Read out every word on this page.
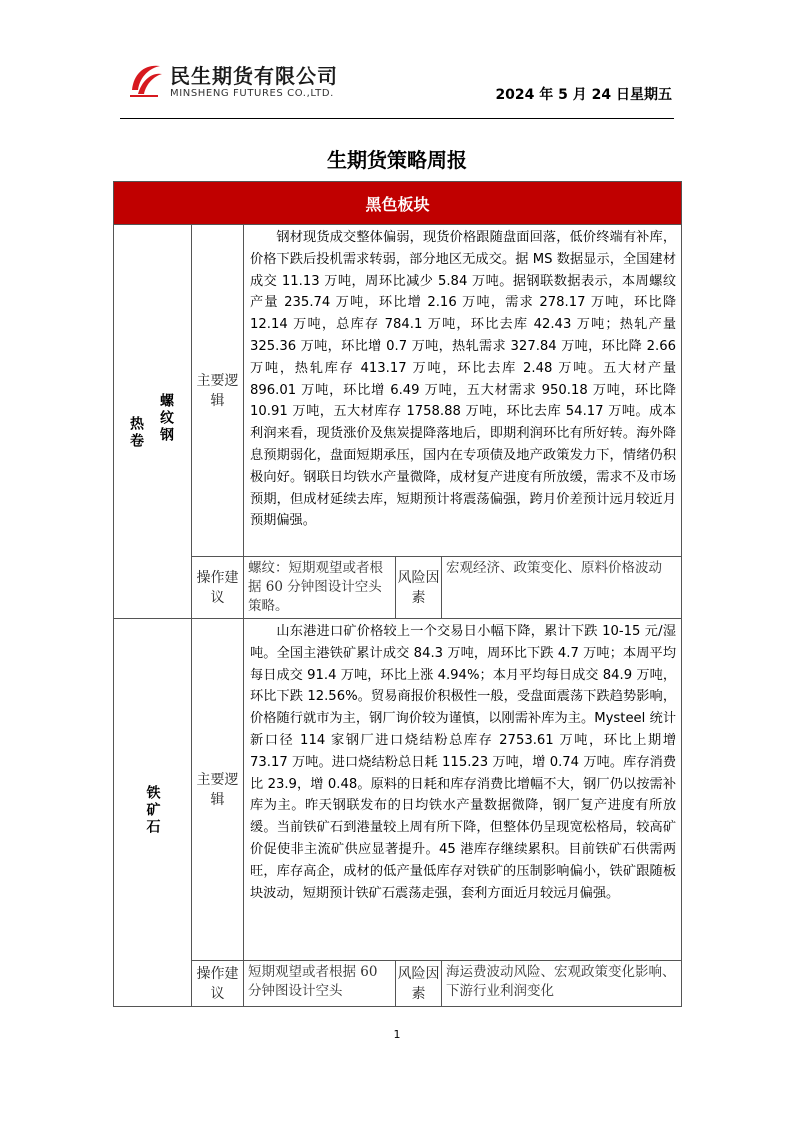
民生期货有限公司
MINSHENG FUTURES CO.,LTD.	2024 年 5 月 24 日星期五
生期货策略周报
黑色板块				

螺纹钢
热卷	主要逻辑	钢材现货成交整体偏弱，现货价格跟随盘面回落，低价终端有补库，价格下跌后投机需求转弱，部分地区无成交。据 MS 数据显示，全国建材成交 11.13 万吨，周环比减少 5.84 万吨。据钢联数据表示，本周螺纹产量 235.74 万吨，环比增 2.16 万吨，需求 278.17 万吨，环比降 12.14 万吨，总库存 784.1 万吨，环比去库 42.43 万吨；热轧产量 325.36 万吨，环比增 0.7 万吨，热轧需求 327.84 万吨，环比降 2.66 万吨，热轧库存 413.17 万吨，环比去库 2.48 万吨。五大材产量 896.01 万吨，环比增 6.49 万吨，五大材需求 950.18 万吨，环比降 10.91 万吨，五大材库存 1758.88 万吨，环比去库 54.17 万吨。成本利润来看，现货涨价及焦炭提降落地后，即期利润环比有所好转。海外降息预期弱化，盘面短期承压，国内在专项债及地产政策发力下，情绪仍积极向好。钢联日均铁水产量微降，成材复产进度有所放缓，需求不及市场预期，但成材延续去库，短期预计将震荡偏强，跨月价差预计远月较近月预期偏强。		

	操作建议	螺纹：短期观望或者根据 60 分钟图设计空头策略。	风险因素	宏观经济、政策变化、原料价格波动
铁矿石	主要逻辑	山东港进口矿价格较上一个交易日小幅下降，累计下跌 10-15 元/湿吨。全国主港铁矿累计成交 84.3 万吨，周环比下跌 4.7 万吨；本周平均每日成交 91.4 万吨，环比上涨 4.94%；本月平均每日成交 84.9 万吨，环比下跌 12.56%。贸易商报价积极性一般，受盘面震荡下跌趋势影响，价格随行就市为主，钢厂询价较为谨慎，以刚需补库为主。Mysteel 统计新口径 114 家钢厂进口烧结粉总库存 2753.61 万吨，环比上期增 73.17 万吨。进口烧结粉总日耗 115.23 万吨，增 0.74 万吨。库存消费比 23.9，增 0.48。原料的日耗和库存消费比增幅不大，钢厂仍以按需补库为主。昨天钢联发布的日均铁水产量数据微降，钢厂复产进度有所放缓。当前铁矿石到港量较上周有所下降，但整体仍呈现宽松格局，较高矿价促使非主流矿供应显著提升。45 港库存继续累积。目前铁矿石供需两旺，库存高企，成材的低产量低库存对铁矿的压制影响偏小，铁矿跟随板块波动，短期预计铁矿石震荡走强，套利方面近月较远月偏强。		

	操作建议	短期观望或者根据 60 分钟图设计空头	风险因素	海运费波动风险、宏观政策变化影响、下游行业利润变化
1
